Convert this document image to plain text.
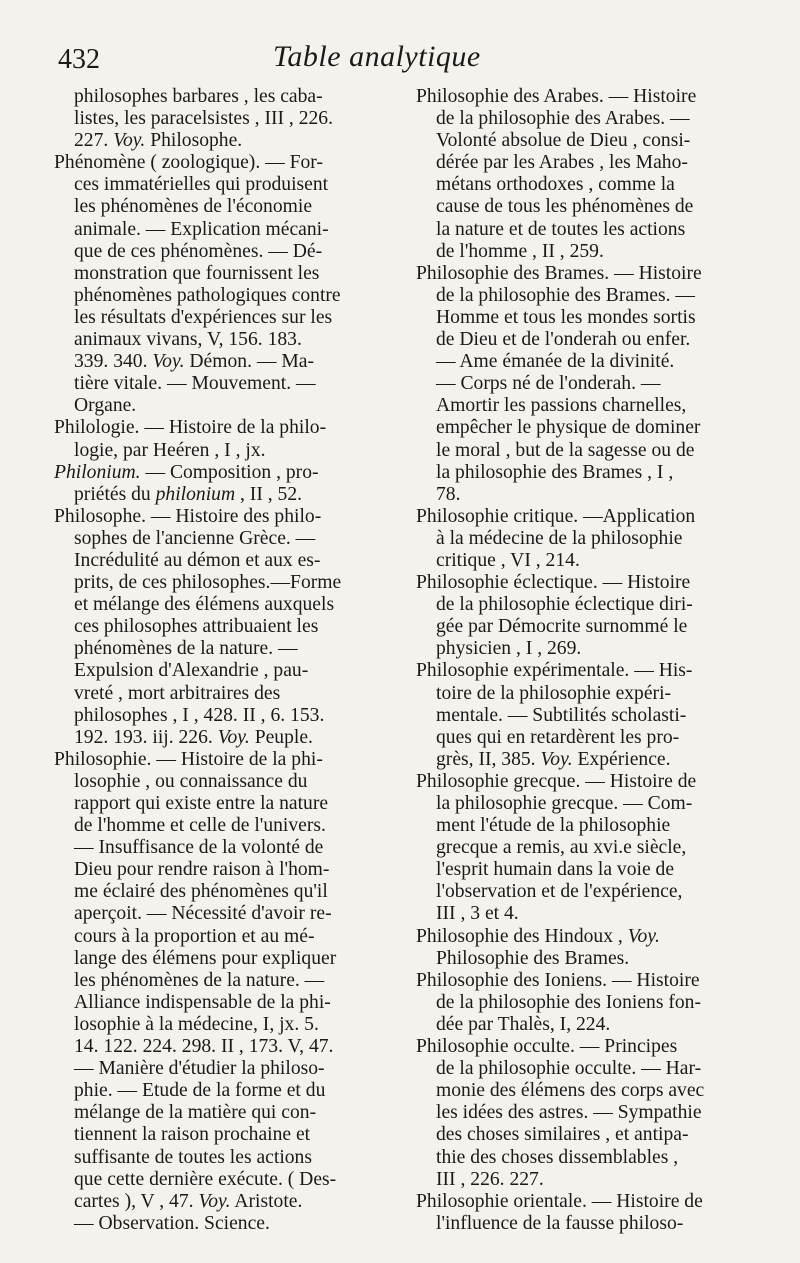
432	Table analytique
philosophes barbares , les caba-
listes, les paracelsistes , III , 226.
227. Voy. Philosophe.
Phénomène ( zoologique). — For-
ces immatérielles qui produisent
les phénomènes de l'économie
animale. — Explication mécani-
que de ces phénomènes. — Dé-
monstration que fournissent les
phénomènes pathologiques contre
les résultats d'expériences sur les
animaux vivans, V, 156. 183.
339. 340. Voy. Démon. — Ma-
tière vitale. — Mouvement. —
Organe.
Philologie. — Histoire de la philo-
logie, par Heéren , I , jx.
Philonium. — Composition , pro-
priétés du philonium , II , 52.
Philosophe. — Histoire des philo-
sophes de l'ancienne Grèce. —
Incrédulité au démon et aux es-
prits, de ces philosophes.—Forme
et mélange des élémens auxquels
ces philosophes attribuaient les
phénomènes de la nature. —
Expulsion d'Alexandrie , pau-
vreté , mort arbitraires des
philosophes , I , 428. II , 6. 153.
192. 193. iij. 226. Voy. Peuple.
Philosophie. — Histoire de la phi-
losophie , ou connaissance du
rapport qui existe entre la nature
de l'homme et celle de l'univers.
— Insuffisance de la volonté de
Dieu pour rendre raison à l'hom-
me éclairé des phénomènes qu'il
aperçoit. — Nécessité d'avoir re-
cours à la proportion et au mé-
lange des élémens pour expliquer
les phénomènes de la nature. —
Alliance indispensable de la phi-
losophie à la médecine, I, jx. 5.
14. 122. 224. 298. II , 173. V, 47.
— Manière d'étudier la philoso-
phie. — Etude de la forme et du
mélange de la matière qui con-
tiennent la raison prochaine et
suffisante de toutes les actions
que cette dernière exécute. ( Des-
cartes ), V , 47. Voy. Aristote.
— Observation. Science.
Philosophie des Arabes. — Histoire
de la philosophie des Arabes. —
Volonté absolue de Dieu , consi-
dérée par les Arabes , les Maho-
métans orthodoxes , comme la
cause de tous les phénomènes de
la nature et de toutes les actions
de l'homme , II , 259.
Philosophie des Brames. — Histoire
de la philosophie des Brames. —
Homme et tous les mondes sortis
de Dieu et de l'onderah ou enfer.
— Ame émanée de la divinité.
— Corps né de l'onderah. —
Amortir les passions charnelles,
empêcher le physique de dominer
le moral , but de la sagesse ou de
la philosophie des Brames , I ,
78.
Philosophie critique. —Application
à la médecine de la philosophie
critique , VI , 214.
Philosophie éclectique. — Histoire
de la philosophie éclectique diri-
gée par Démocrite surnommé le
physicien , I , 269.
Philosophie expérimentale. — His-
toire de la philosophie expéri-
mentale. — Subtilités scholasti-
ques qui en retardèrent les pro-
grès, II, 385. Voy. Expérience.
Philosophie grecque. — Histoire de
la philosophie grecque. — Com-
ment l'étude de la philosophie
grecque a remis, au xvi.e siècle,
l'esprit humain dans la voie de
l'observation et de l'expérience,
III , 3 et 4.
Philosophie des Hindoux , Voy.
Philosophie des Brames.
Philosophie des Ioniens. — Histoire
de la philosophie des Ioniens fon-
dée par Thalès, I, 224.
Philosophie occulte. — Principes
de la philosophie occulte. — Har-
monie des élémens des corps avec
les idées des astres. — Sympathie
des choses similaires , et antipa-
thie des choses dissemblables ,
III , 226. 227.
Philosophie orientale. — Histoire de
l'influence de la fausse philoso-
